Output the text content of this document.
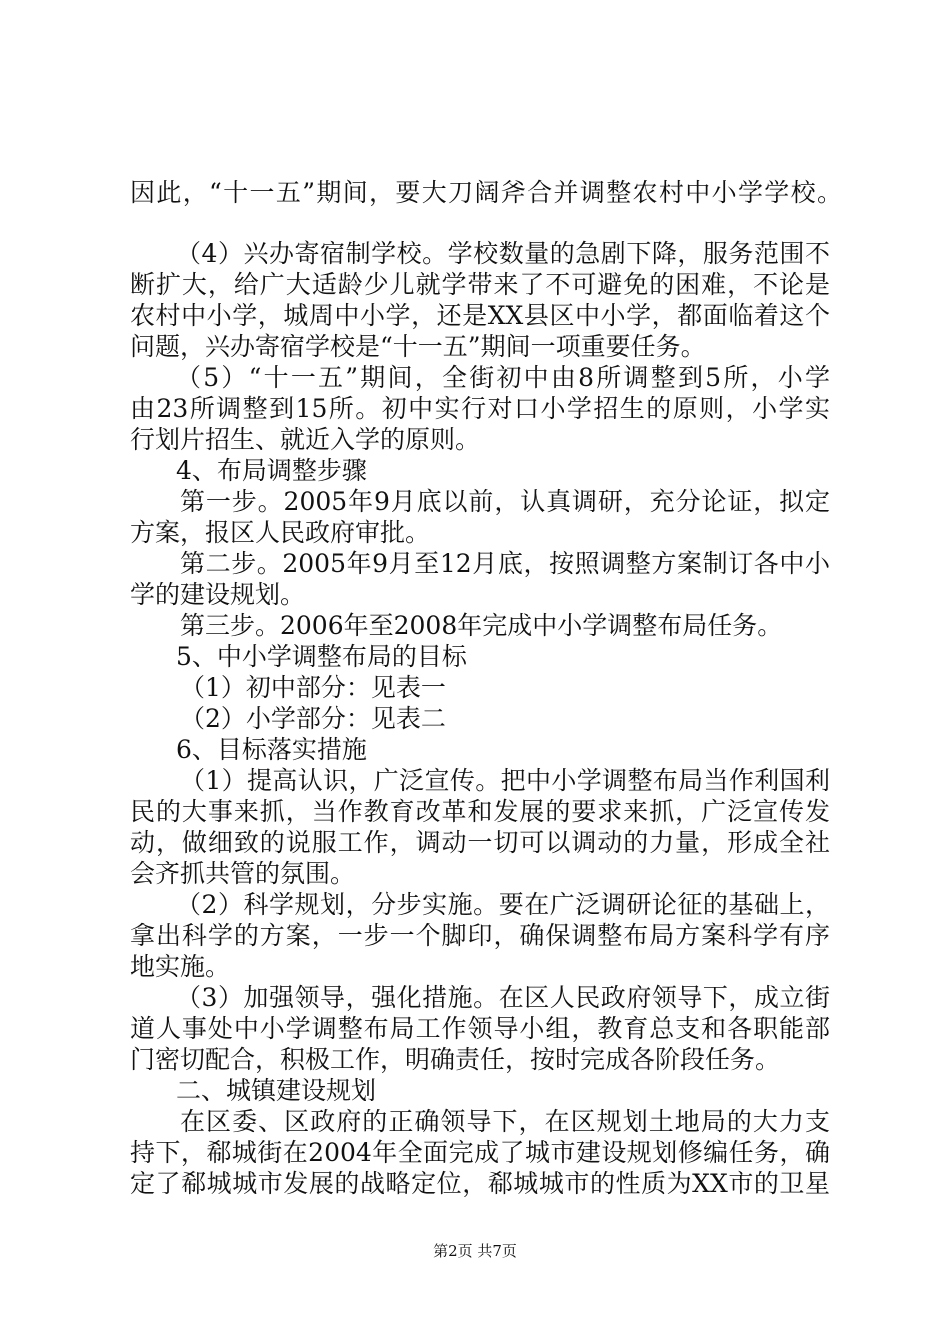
因此，“十一五”期间，要大刀阔斧合并调整农村中小学学校。
（4）兴办寄宿制学校。学校数量的急剧下降，服务范围不
断扩大，给广大适龄少儿就学带来了不可避免的困难，不论是
农村中小学，城周中小学，还是XX县区中小学，都面临着这个
问题，兴办寄宿学校是“十一五”期间一项重要任务。
（5）“十一五”期间，全街初中由8所调整到5所，小学
由23所调整到15所。初中实行对口小学招生的原则，小学实
行划片招生、就近入学的原则。
4、布局调整步骤
第一步。2005年9月底以前，认真调研，充分论证，拟定
方案，报区人民政府审批。
第二步。2005年9月至12月底，按照调整方案制订各中小
学的建设规划。
第三步。2006年至2008年完成中小学调整布局任务。
5、中小学调整布局的目标
（1）初中部分：见表一
（2）小学部分：见表二
6、目标落实措施
（1）提高认识，广泛宣传。把中小学调整布局当作利国利
民的大事来抓，当作教育改革和发展的要求来抓，广泛宣传发
动，做细致的说服工作，调动一切可以调动的力量，形成全社
会齐抓共管的氛围。
（2）科学规划，分步实施。要在广泛调研论征的基础上，
拿出科学的方案，一步一个脚印，确保调整布局方案科学有序
地实施。
（3）加强领导，强化措施。在区人民政府领导下，成立街
道人事处中小学调整布局工作领导小组，教育总支和各职能部
门密切配合，积极工作，明确责任，按时完成各阶段任务。
二、城镇建设规划
在区委、区政府的正确领导下，在区规划土地局的大力支
持下，郗城街在2004年全面完成了城市建设规划修编任务，确
定了郗城城市发展的战略定位，郗城城市的性质为XX市的卫星
第2页 共7页
